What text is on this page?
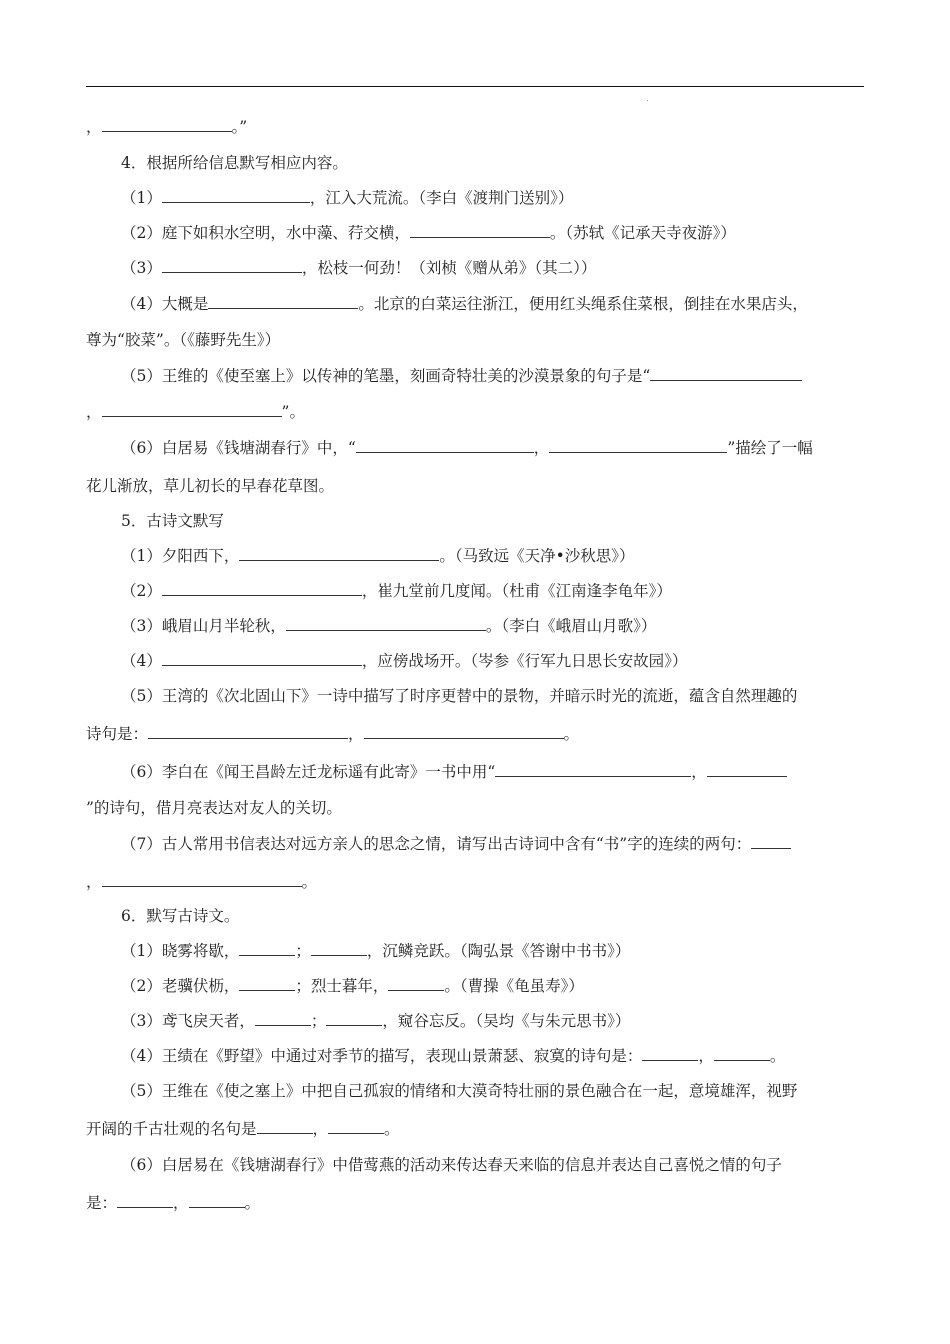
，	。”
4．根据所给信息默写相应内容。
（1）	，江入大荒流。（李白《渡荆门送别》）
（2）庭下如积水空明，水中藻、荇交横，	。（苏轼《记承天寺夜游》）
（3）	，松枝一何劲！（刘桢《赠从弟》（其二））
（4）大概是	。北京的白菜运往浙江，便用红头绳系住菜根，倒挂在水果店头，
尊为“胶菜”。（《藤野先生》）
（5）王维的《使至塞上》以传神的笔墨，刻画奇特壮美的沙漠景象的句子是“
，	”。
（6）白居易《钱塘湖春行》中，“	，	”描绘了一幅
花儿渐放，草儿初长的早春花草图。
5．古诗文默写
（1）夕阳西下，	。（马致远《天净•沙秋思》）
（2）	，崔九堂前几度闻。（杜甫《江南逢李龟年》）
（3）峨眉山月半轮秋，	。（李白《峨眉山月歌》）
（4）	，应傍战场开。（岑参《行军九日思长安故园》）
（5）王湾的《次北固山下》一诗中描写了时序更替中的景物，并暗示时光的流逝，蕴含自然理趣的
诗句是：	，	。
（6）李白在《闻王昌龄左迁龙标遥有此寄》一书中用“	，
”的诗句，借月亮表达对友人的关切。
（7）古人常用书信表达对远方亲人的思念之情，请写出古诗词中含有“书”字的连续的两句：
，	。
6．默写古诗文。
（1）晓雾将歇，	；	，沉鳞竞跃。（陶弘景《答谢中书书》）
（2）老骥伏枥，	；烈士暮年，	。（曹操《龟虽寿》）
（3）鸢飞戾天者，	；	，窥谷忘反。（吴均《与朱元思书》）
（4）王绩在《野望》中通过对季节的描写，表现山景萧瑟、寂寞的诗句是：	，	。
（5）王维在《使之塞上》中把自己孤寂的情绪和大漠奇特壮丽的景色融合在一起，意境雄浑，视野
开阔的千古壮观的名句是	，	。
（6）白居易在《钱塘湖春行》中借莺燕的活动来传达春天来临的信息并表达自己喜悦之情的句子
是：	，	。
